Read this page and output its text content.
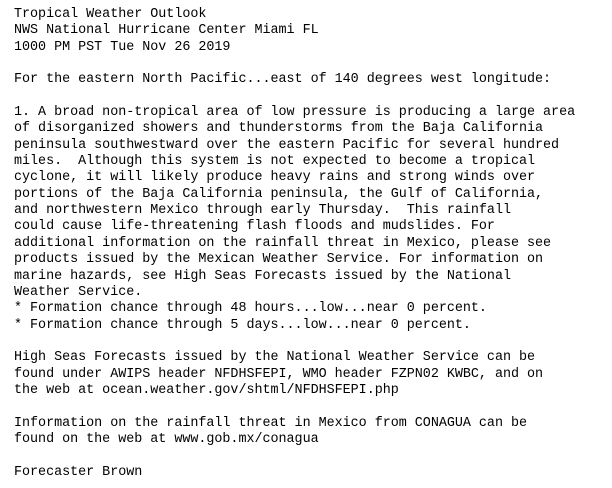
Tropical Weather Outlook
NWS National Hurricane Center Miami FL
1000 PM PST Tue Nov 26 2019
For the eastern North Pacific...east of 140 degrees west longitude:
1. A broad non-tropical area of low pressure is producing a large area
of disorganized showers and thunderstorms from the Baja California
peninsula southwestward over the eastern Pacific for several hundred
miles.  Although this system is not expected to become a tropical
cyclone, it will likely produce heavy rains and strong winds over
portions of the Baja California peninsula, the Gulf of California,
and northwestern Mexico through early Thursday.  This rainfall
could cause life-threatening flash floods and mudslides. For
additional information on the rainfall threat in Mexico, please see
products issued by the Mexican Weather Service. For information on
marine hazards, see High Seas Forecasts issued by the National
Weather Service.
* Formation chance through 48 hours...low...near 0 percent.
* Formation chance through 5 days...low...near 0 percent.
High Seas Forecasts issued by the National Weather Service can be
found under AWIPS header NFDHSFEPI, WMO header FZPN02 KWBC, and on
the web at ocean.weather.gov/shtml/NFDHSFEPI.php
Information on the rainfall threat in Mexico from CONAGUA can be
found on the web at www.gob.mx/conagua
Forecaster Brown
